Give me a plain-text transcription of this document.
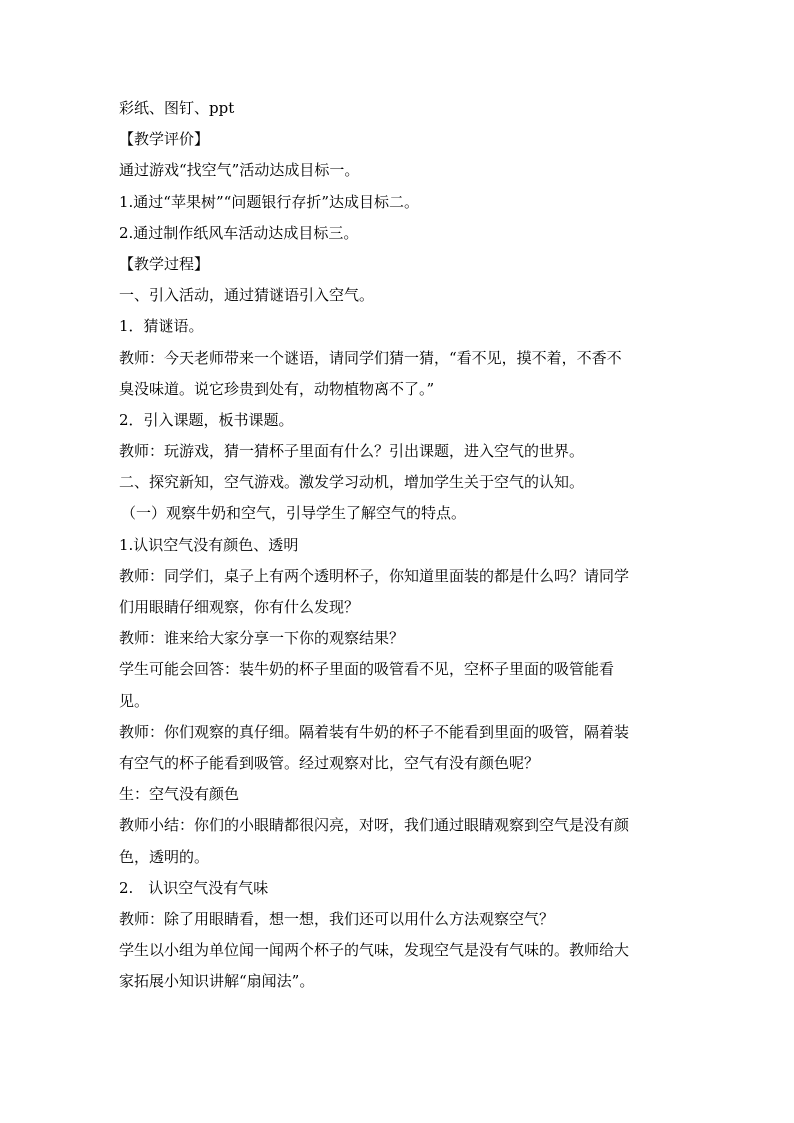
彩纸、图钉、ppt
【教学评价】
通过游戏“找空气”活动达成目标一。
1.通过“苹果树”“问题银行存折”达成目标二。
2.通过制作纸风车活动达成目标三。
【教学过程】
一、引入活动，通过猜谜语引入空气。
1．猜谜语。
教师：今天老师带来一个谜语，请同学们猜一猜，“看不见，摸不着，不香不
臭没味道。说它珍贵到处有，动物植物离不了。”
2．引入课题，板书课题。
教师：玩游戏，猜一猜杯子里面有什么？引出课题，进入空气的世界。
二、探究新知，空气游戏。激发学习动机，增加学生关于空气的认知。
（一）观察牛奶和空气，引导学生了解空气的特点。
1.认识空气没有颜色、透明
教师：同学们，桌子上有两个透明杯子，你知道里面装的都是什么吗？请同学
们用眼睛仔细观察，你有什么发现？
教师：谁来给大家分享一下你的观察结果？
学生可能会回答：装牛奶的杯子里面的吸管看不见，空杯子里面的吸管能看
见。
教师：你们观察的真仔细。隔着装有牛奶的杯子不能看到里面的吸管，隔着装
有空气的杯子能看到吸管。经过观察对比，空气有没有颜色呢？
生：空气没有颜色
教师小结：你们的小眼睛都很闪亮，对呀，我们通过眼睛观察到空气是没有颜
色，透明的。
2.　认识空气没有气味
教师：除了用眼睛看，想一想，我们还可以用什么方法观察空气？
学生以小组为单位闻一闻两个杯子的气味，发现空气是没有气味的。教师给大
家拓展小知识讲解“扇闻法”。
